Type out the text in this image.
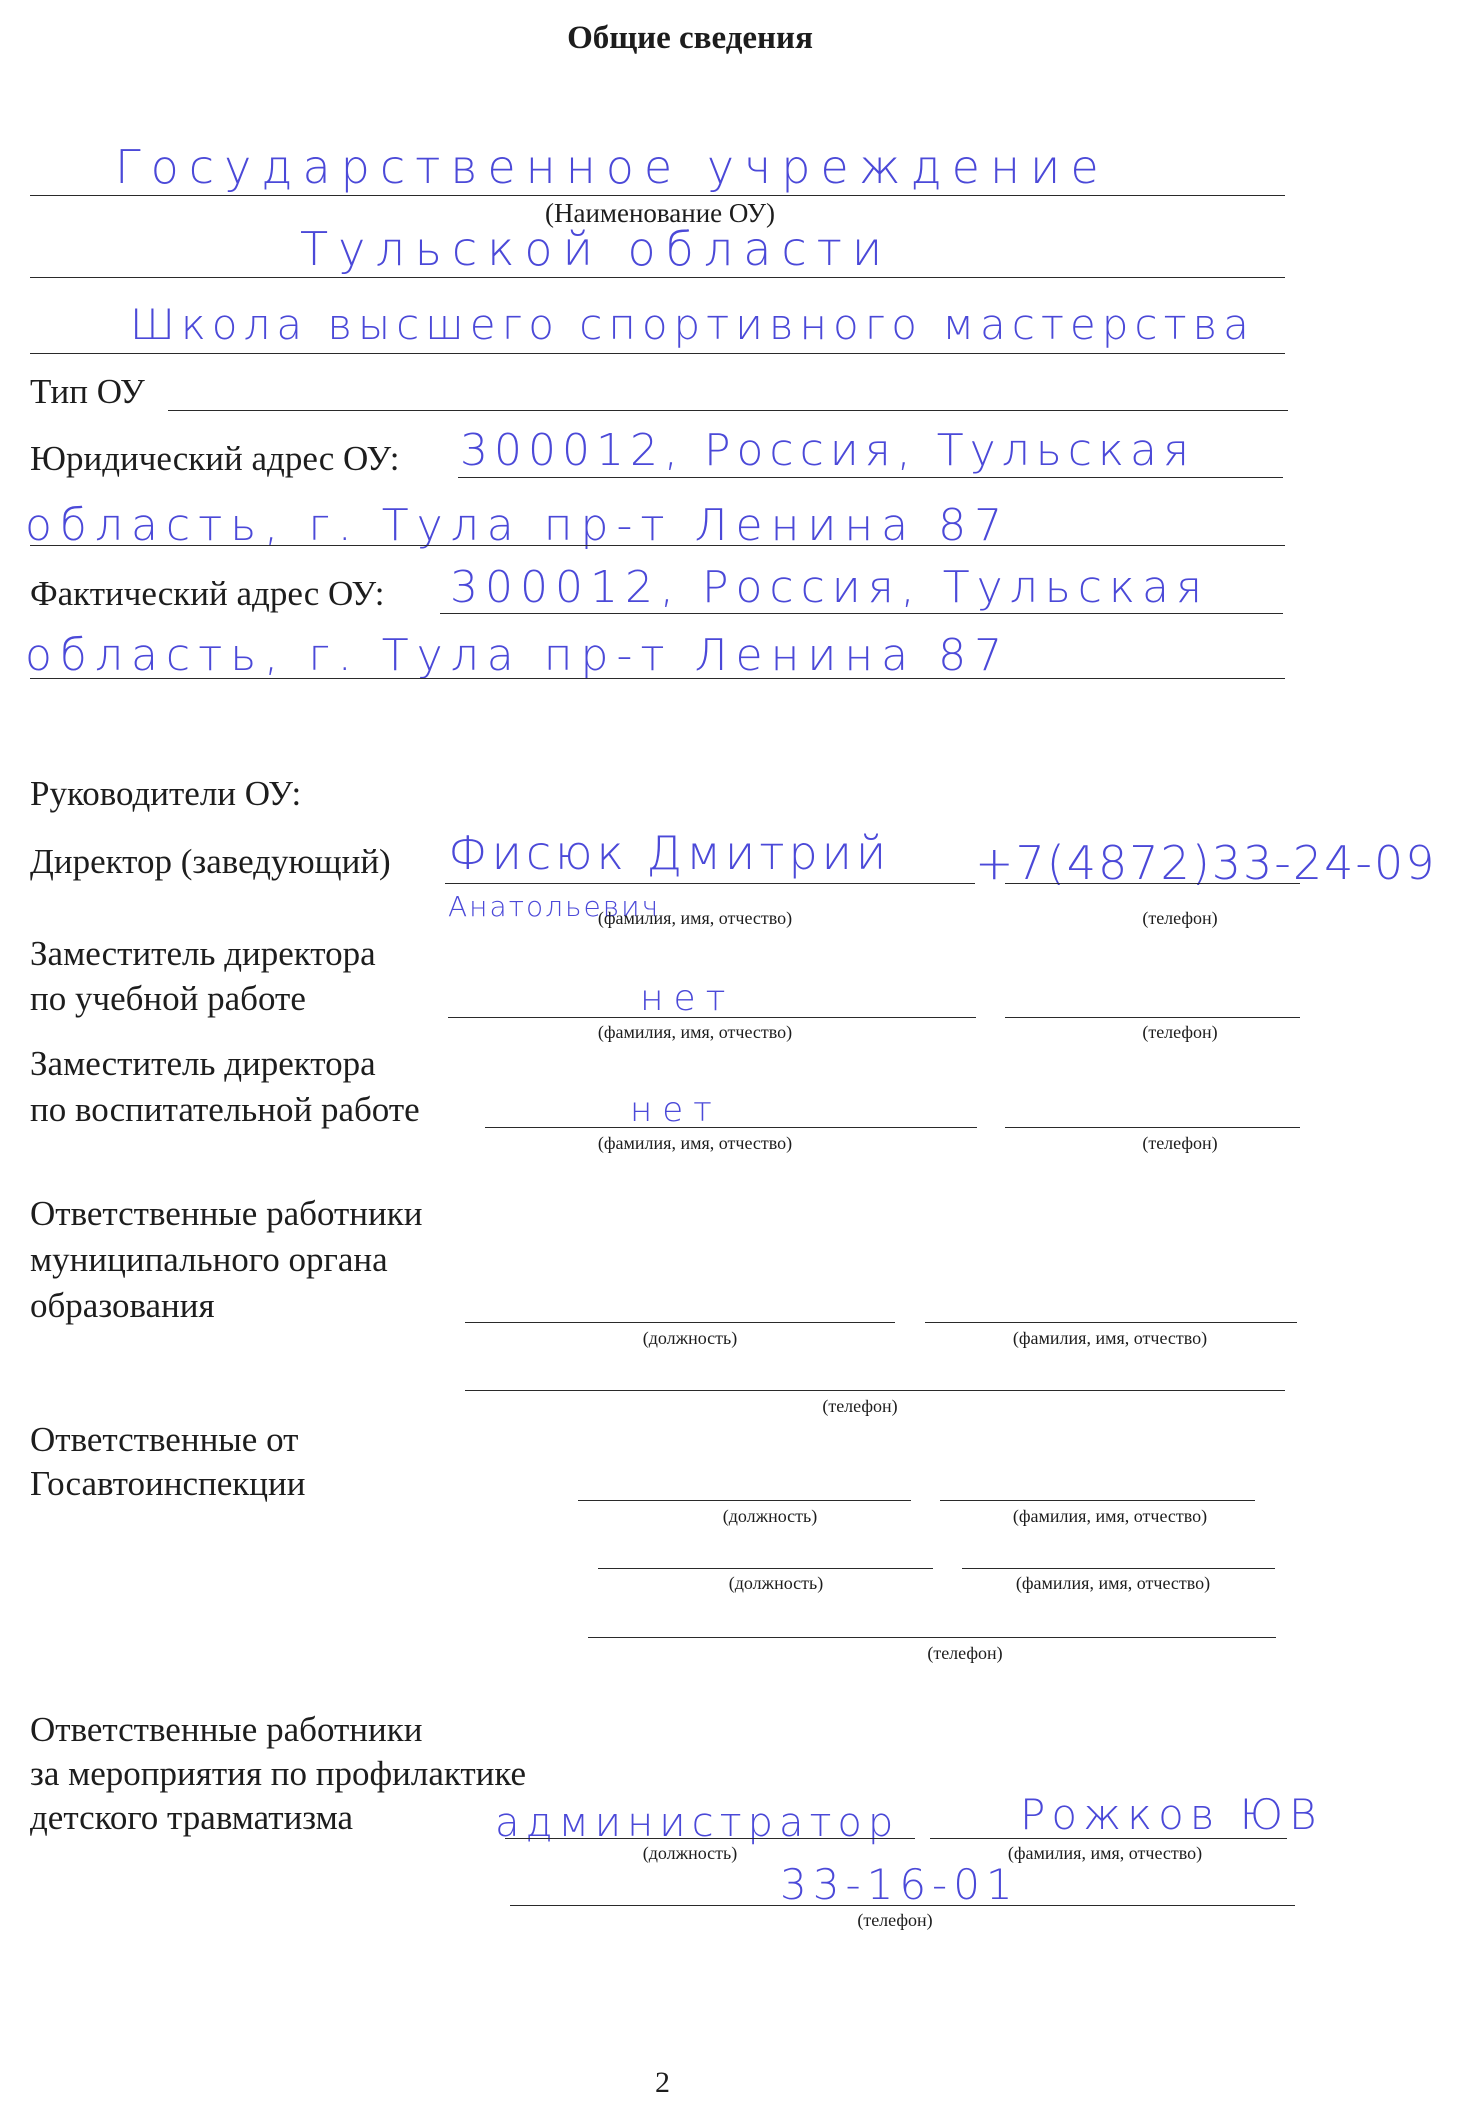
Общие сведения
Государственное учреждение
(Наименование ОУ)
Тульской области
Школа высшего спортивного мастерства
Тип ОУ
Юридический адрес ОУ: 300012, Россия, Тульская
область, г. Тула пр-т Ленина 87
Фактический адрес ОУ: 300012, Россия, Тульская
область, г. Тула пр-т Ленина 87
Руководители ОУ:
Директор (заведующий) Фисюк Дмитрий
Анатольевич
+7(4872)33-24-09
(фамилия, имя, отчество)	(телефон)
Заместитель директора
по учебной работе	нет
(фамилия, имя, отчество)	(телефон)
Заместитель директора
по воспитательной работе	нет
(фамилия, имя, отчество)	(телефон)
Ответственные работники
муниципального органа
образования
(должность)	(фамилия, имя, отчество)
(телефон)
Ответственные от
Госавтоинспекции
(должность)	(фамилия, имя, отчество)
(должность)	(фамилия, имя, отчество)
(телефон)
Ответственные работники
за мероприятия по профилактике
детского травматизма	администратор	Рожков ЮВ
(должность)	(фамилия, имя, отчество)
33-16-01
(телефон)
2
